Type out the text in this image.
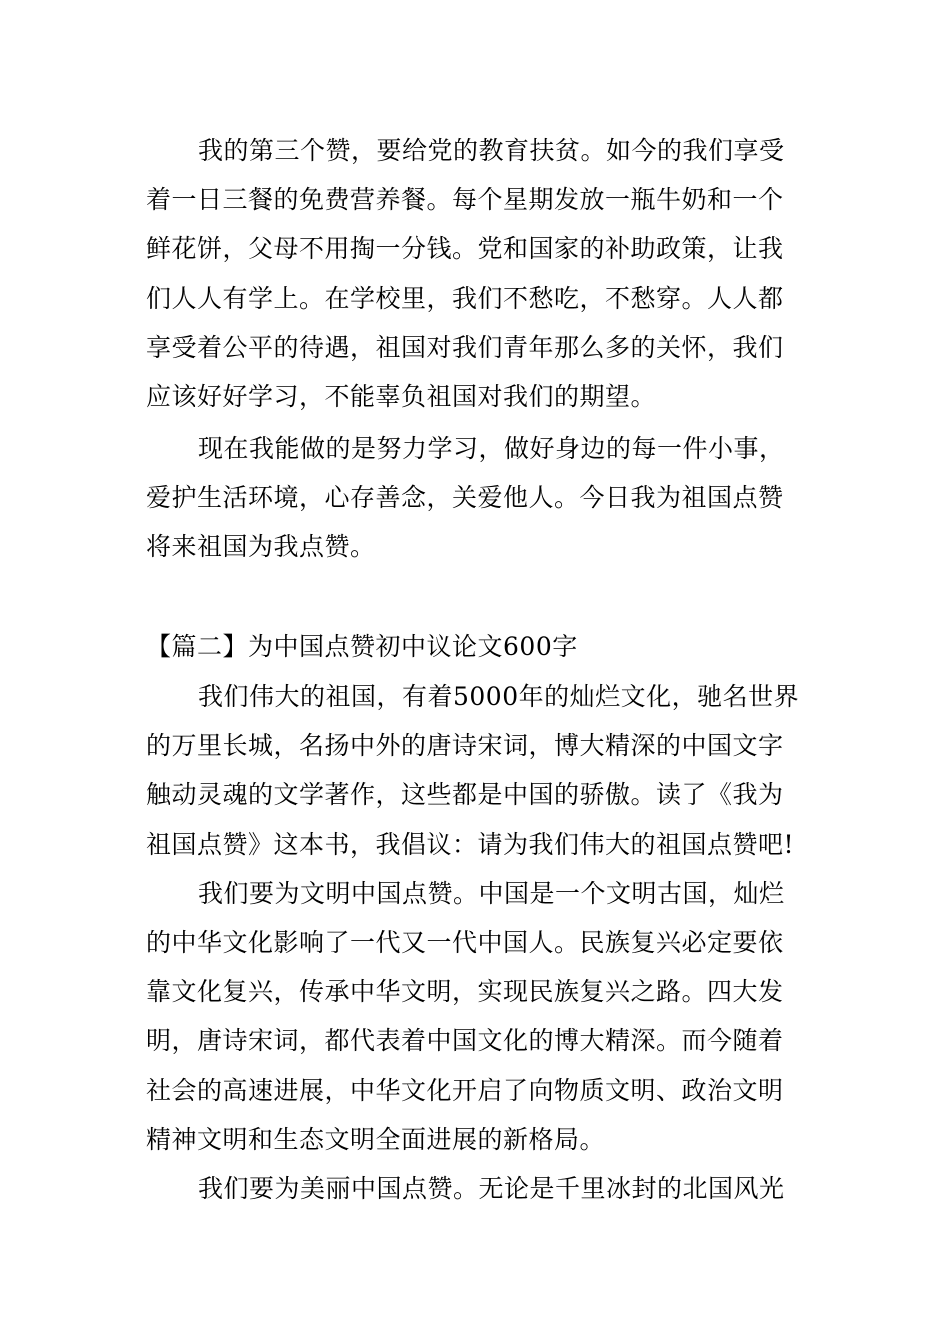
我的第三个赞，要给党的教育扶贫。如今的我们享受
着一日三餐的免费营养餐。每个星期发放一瓶牛奶和一个
鲜花饼，父母不用掏一分钱。党和国家的补助政策，让我
们人人有学上。在学校里，我们不愁吃，不愁穿。人人都
享受着公平的待遇，祖国对我们青年那么多的关怀，我们
应该好好学习，不能辜负祖国对我们的期望。
现在我能做的是努力学习，做好身边的每一件小事，
爱护生活环境，心存善念，关爱他人。今日我为祖国点赞
将来祖国为我点赞。
【篇二】为中国点赞初中议论文600字
我们伟大的祖国，有着5000年的灿烂文化，驰名世界
的万里长城，名扬中外的唐诗宋词，博大精深的中国文字
触动灵魂的文学著作，这些都是中国的骄傲。读了《我为
祖国点赞》这本书，我倡议：请为我们伟大的祖国点赞吧!
我们要为文明中国点赞。中国是一个文明古国，灿烂
的中华文化影响了一代又一代中国人。民族复兴必定要依
靠文化复兴，传承中华文明，实现民族复兴之路。四大发
明，唐诗宋词，都代表着中国文化的博大精深。而今随着
社会的高速进展，中华文化开启了向物质文明、政治文明
精神文明和生态文明全面进展的新格局。
我们要为美丽中国点赞。无论是千里冰封的北国风光
